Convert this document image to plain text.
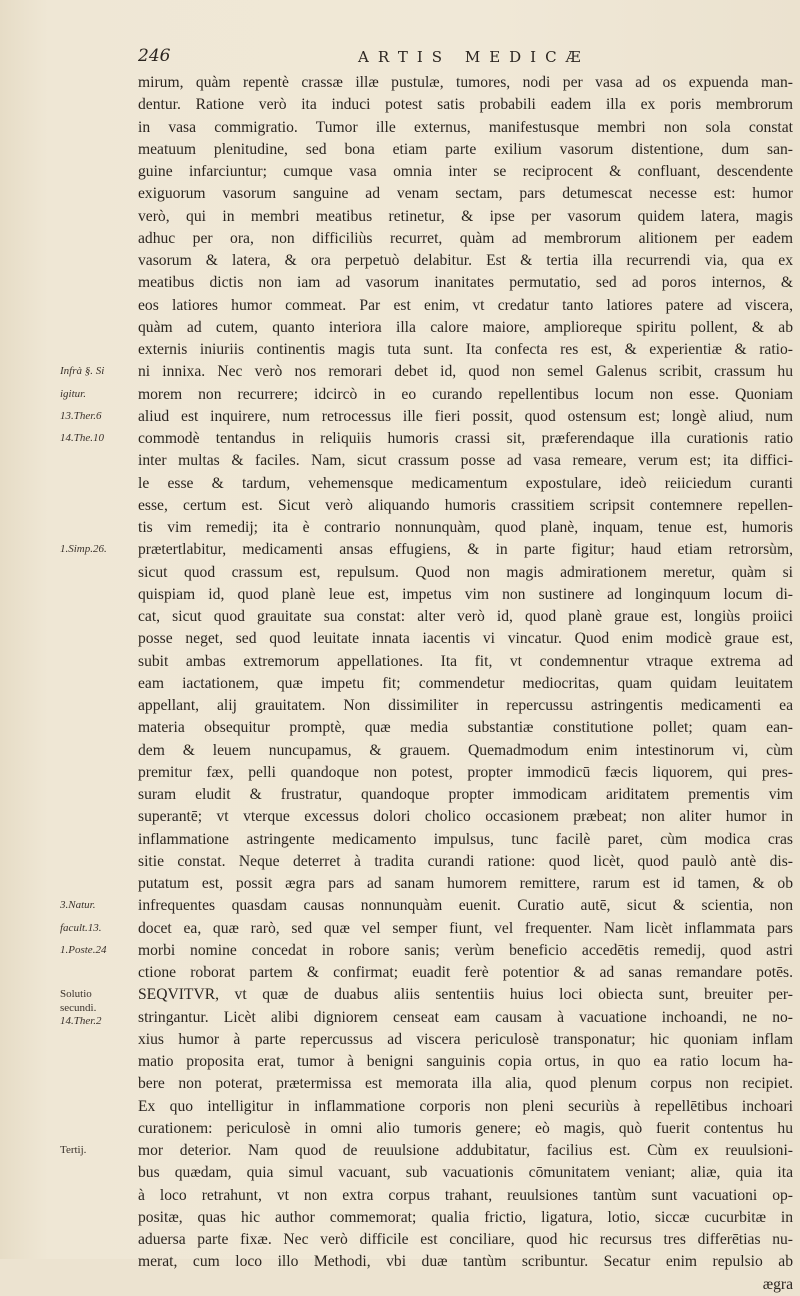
246	ARTIS MEDICÆ
Infrà §. Si
igitur.
13.Ther.6
14.The.10
1.Simp.26.
3.Natur.
facult.13.
1.Poste.24
Solutio
secundi.
14.Ther.2
Tertij.
mirum, quàm repentè crassæ illæ pustulæ, tumores, nodi per vasa ad os expuenda man-
dentur. Ratione verò ita induci potest satis probabili eadem illa ex poris membrorum
in vasa commigratio. Tumor ille externus, manifestusque membri non sola constat
meatuum plenitudine, sed bona etiam parte exilium vasorum distentione, dum san-
guine infarciuntur; cumque vasa omnia inter se reciprocent & confluant, descendente
exiguorum vasorum sanguine ad venam sectam, pars detumescat necesse est: humor
verò, qui in membri meatibus retinetur, & ipse per vasorum quidem latera, magis
adhuc per ora, non difficiliùs recurret, quàm ad membrorum alitionem per eadem
vasorum & latera, & ora perpetuò delabitur. Est & tertia illa recurrendi via, qua ex
meatibus dictis non iam ad vasorum inanitates permutatio, sed ad poros internos, &
eos latiores humor commeat. Par est enim, vt credatur tanto latiores patere ad viscera,
quàm ad cutem, quanto interiora illa calore maiore, amplioreque spiritu pollent, & ab
externis iniuriis continentis magis tuta sunt. Ita confecta res est, & experientiæ & ratio-
ni innixa. Nec verò nos remorari debet id, quod non semel Galenus scribit, crassum hu
morem non recurrere; idcircò in eo curando repellentibus locum non esse. Quoniam
aliud est inquirere, num retrocessus ille fieri possit, quod ostensum est; longè aliud, num
commodè tentandus in reliquiis humoris crassi sit, præferendaque illa curationis ratio
inter multas & faciles. Nam, sicut crassum posse ad vasa remeare, verum est; ita diffici-
le esse & tardum, vehemensque medicamentum expostulare, ideò reiiciedum curanti
esse, certum est. Sicut verò aliquando humoris crassitiem scripsit contemnere repellen-
tis vim remedij; ita è contrario nonnunquàm, quod planè, inquam, tenue est, humoris
prætertlabitur, medicamenti ansas effugiens, & in parte figitur; haud etiam retrorsùm,
sicut quod crassum est, repulsum. Quod non magis admirationem meretur, quàm si
quispiam id, quod planè leue est, impetus vim non sustinere ad longinquum locum di-
cat, sicut quod grauitate sua constat: alter verò id, quod planè graue est, longiùs proiici
posse neget, sed quod leuitate innata iacentis vi vincatur. Quod enim modicè graue est,
subit ambas extremorum appellationes. Ita fit, vt condemnentur vtraque extrema ad
eam iactationem, quæ impetu fit; commendetur mediocritas, quam quidam leuitatem
appellant, alij grauitatem. Non dissimiliter in repercussu astringentis medicamenti ea
materia obsequitur promptè, quæ media substantiæ constitutione pollet; quam ean-
dem & leuem nuncupamus, & grauem. Quemadmodum enim intestinorum vi, cùm
premitur fæx, pelli quandoque non potest, propter immodicū fæcis liquorem, qui pres-
suram eludit & frustratur, quandoque propter immodicam ariditatem prementis vim
superantē; vt vterque excessus dolori cholico occasionem præbeat; non aliter humor in
inflammatione astringente medicamento impulsus, tunc facilè paret, cùm modica cras
sitie constat. Neque deterret à tradita curandi ratione: quod licèt, quod paulò antè dis-
putatum est, possit ægra pars ad sanam humorem remittere, rarum est id tamen, & ob
infrequentes quasdam causas nonnunquàm euenit. Curatio autē, sicut & scientia, non
docet ea, quæ rarò, sed quæ vel semper fiunt, vel frequenter. Nam licèt inflammata pars
morbi nomine concedat in robore sanis; verùm beneficio accedētis remedij, quod astri
ctione roborat partem & confirmat; euadit ferè potentior & ad sanas remandare potēs.
SEQVITVR, vt quæ de duabus aliis sententiis huius loci obiecta sunt, breuiter per-
stringantur. Licèt alibi digniorem censeat eam causam à vacuatione inchoandi, ne no-
xius humor à parte repercussus ad viscera periculosè transponatur; hic quoniam inflam
matio proposita erat, tumor à benigni sanguinis copia ortus, in quo ea ratio locum ha-
bere non poterat, prætermissa est memorata illa alia, quod plenum corpus non recipiet.
Ex quo intelligitur in inflammatione corporis non pleni securiùs à repellētibus inchoari
curationem: periculosè in omni alio tumoris genere; eò magis, quò fuerit contentus hu
mor deterior. Nam quod de reuulsione addubitatur, facilius est. Cùm ex reuulsioni-
bus quædam, quia simul vacuant, sub vacuationis cōmunitatem veniant; aliæ, quia ita
à loco retrahunt, vt non extra corpus trahant, reuulsiones tantùm sunt vacuationi op-
positæ, quas hic author commemorat; qualia frictio, ligatura, lotio, siccæ cucurbitæ in
aduersa parte fixæ. Nec verò difficile est conciliare, quod hic recursus tres differētias nu-
merat, cum loco illo Methodi, vbi duæ tantùm scribuntur. Secatur enim repulsio ab
ægra
